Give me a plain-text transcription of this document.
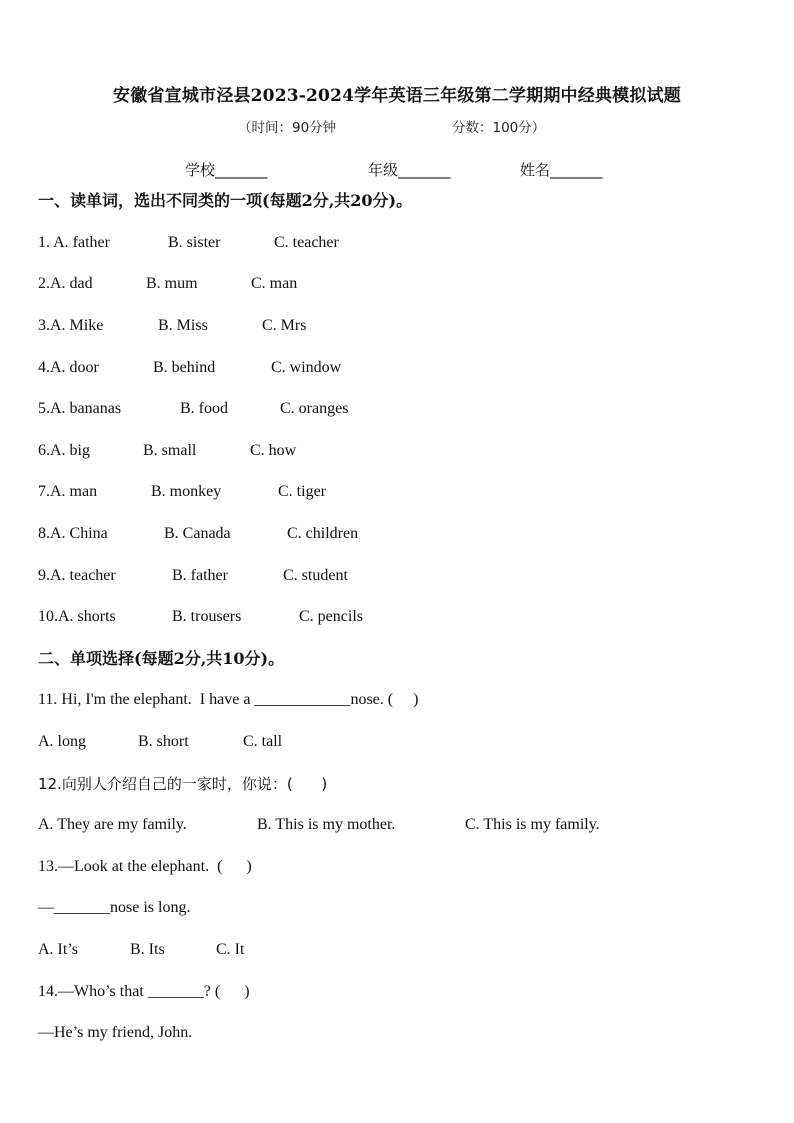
安徽省宣城市泾县2023-2024学年英语三年级第二学期期中经典模拟试题
（时间：90分钟	分数：100分）
学校_______	年级_______	姓名_______
一、读单词，选出不同类的一项(每题2分,共20分)。
1. A. father	B. sister	C. teacher
2.A. dad	B. mum	C. man
3.A. Mike	B. Miss	C. Mrs
4.A. door	B. behind	C. window
5.A. bananas	B. food	C. oranges
6.A. big	B. small	C. how
7.A. man	B. monkey	C. tiger
8.A. China	B. Canada	C. children
9.A. teacher	B. father	C. student
10.A. shorts	B. trousers	C. pencils
二、单项选择(每题2分,共10分)。
11. Hi, I'm the elephant.  I have a ____________nose. (     )
A. long	B. short	C. tall
12.向别人介绍自己的一家时，你说：(      )
A. They are my family.	B. This is my mother.	C. This is my family.
13.—Look at the elephant.  (      )
—_______nose is long.
A. It’s	B. Its	C. It
14.—Who’s that _______? (      )
—He’s my friend, John.
